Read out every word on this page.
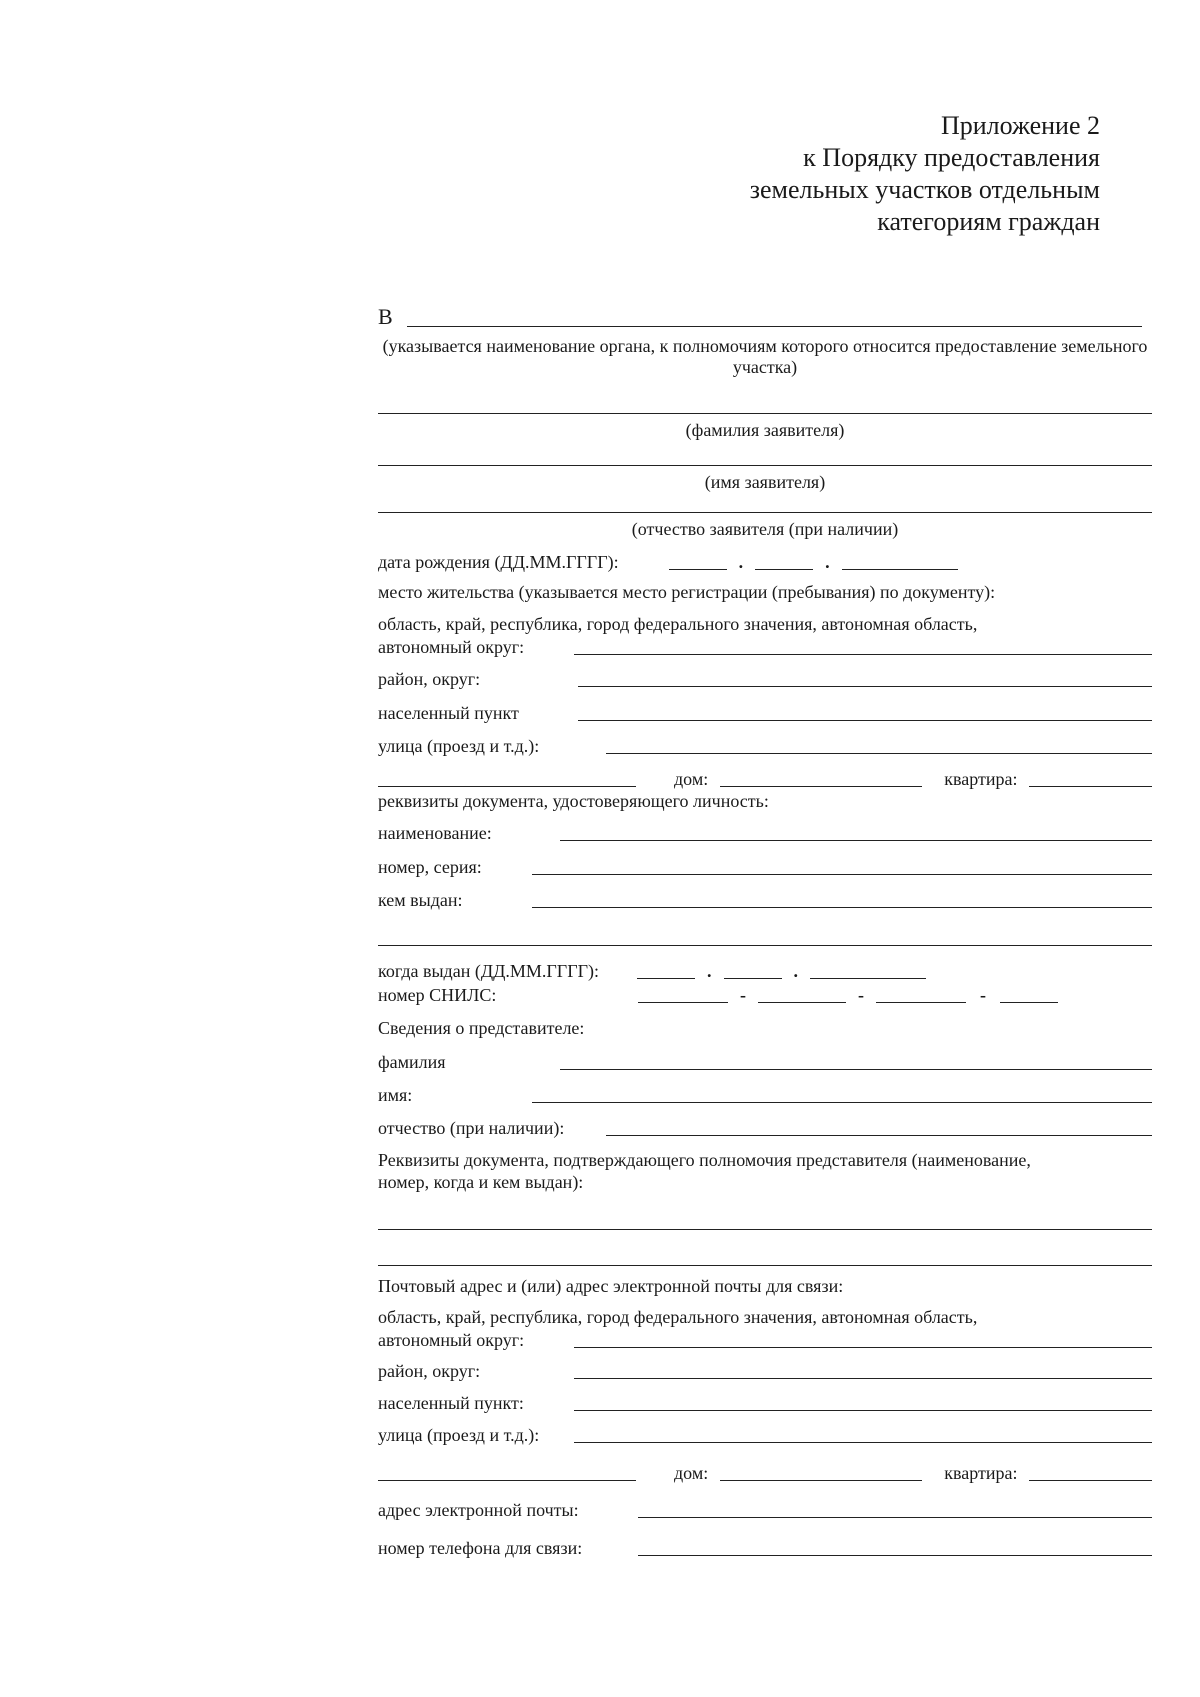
Приложение 2
к Порядку предоставления
земельных участков отдельным
категориям граждан
В
(указывается наименование органа, к полномочиям которого относится предоставление земельного участка)
(фамилия заявителя)
(имя заявителя)
(отчество заявителя (при наличии)
дата рождения (ДД.ММ.ГГГГ):	.	.
место жительства (указывается место регистрации (пребывания) по документу):
область, край, республика, город федерального значения, автономная область,
автономный округ:
район, округ:
населенный пункт
улица (проезд и т.д.):
дом:	квартира:
реквизиты документа, удостоверяющего личность:
наименование:
номер, серия:
кем выдан:
когда выдан (ДД.ММ.ГГГГ):	.	.
номер СНИЛС:	-	-	-
Сведения о представителе:
фамилия
имя:
отчество (при наличии):
Реквизиты документа, подтверждающего полномочия представителя (наименование,
номер, когда и кем выдан):
Почтовый адрес и (или) адрес электронной почты для связи:
область, край, республика, город федерального значения, автономная область,
автономный округ:
район, округ:
населенный пункт:
улица (проезд и т.д.):
дом:	квартира:
адрес электронной почты:
номер телефона для связи:
